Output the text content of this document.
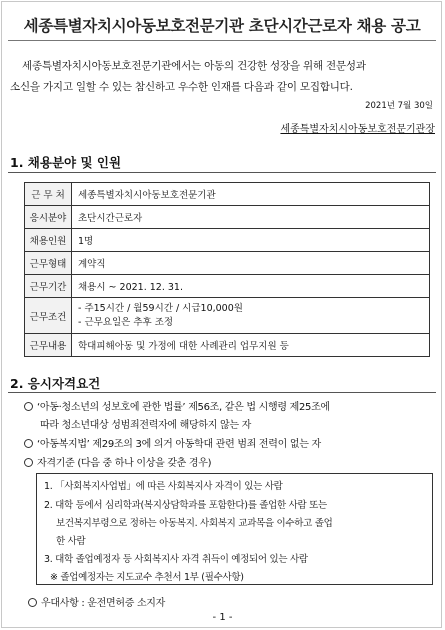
세종특별자치시아동보호전문기관 초단시간근로자 채용 공고
세종특별자치시아동보호전문기관에서는 아동의 건강한 성장을 위해 전문성과
소신을 가지고 일할 수 있는 참신하고 우수한 인재를 다음과 같이 모집합니다.
2021년 7월 30일
세종특별자치시아동보호전문기관장
1. 채용분야 및 인원
근 무 처	세종특별자치시아동보호전문기관
응시분야	초단시간근로자
채용인원	1명
근무형태	계약직
근무기간	채용시 ~ 2021. 12. 31.
근무조건	- 주15시간 / 월59시간 / 시급10,000원
- 근무요일은 추후 조정

근무내용	학대피해아동 및 가정에 대한 사례관리 업무지원 등
2. 응시자격요건
‘아동·청소년의 성보호에 관한 법률’ 제56조, 같은 법 시행령 제25조에
따라 청소년대상 성범죄전력자에 해당하지 않는 자
‘아동복지법’ 제29조의 3에 의거 아동학대 관련 범죄 전력이 없는 자
자격기준 (다음 중 하나 이상을 갖춘 경우)
1. 「사회복지사업법」에 따른 사회복지사 자격이 있는 사람
2. 대학 등에서 심리학과(복지상담학과를 포함한다)를 졸업한 사람 또는
보건복지부령으로 정하는 아동복지. 사회복지 교과목을 이수하고 졸업
한 사람
3. 대학 졸업예정자 등 사회복지사 자격 취득이 예정되어 있는 사람
※ 졸업예정자는 지도교수 추천서 1부 (필수사항)
우대사항 : 운전면허증 소지자
- 1 -
